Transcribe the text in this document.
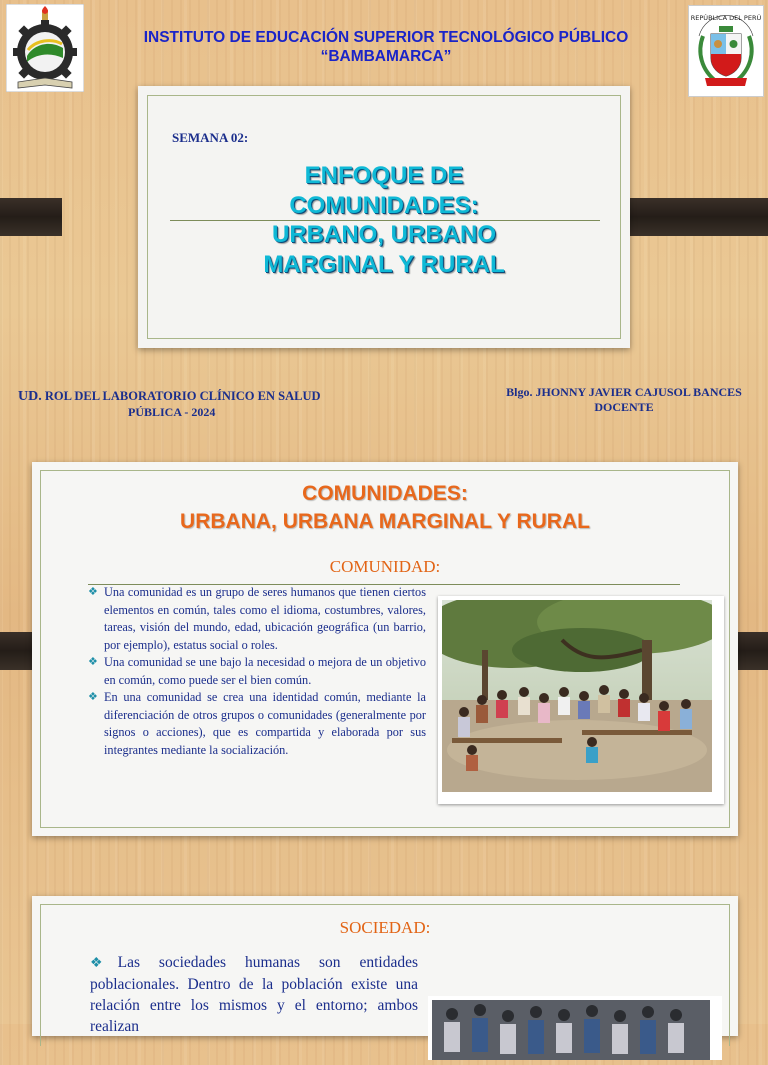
INSTITUTO DE EDUCACIÓN SUPERIOR TECNOLÓGICO PÚBLICO
“BAMBAMARCA”
REPÚBLICA DEL PERÚ
SEMANA 02:
ENFOQUE DE
COMUNIDADES:
URBANO, URBANO
MARGINAL Y RURAL
UD. ROL DEL LABORATORIO CLÍNICO EN SALUD
PÚBLICA - 2024
Blgo. JHONNY JAVIER CAJUSOL BANCES
DOCENTE
COMUNIDADES:
URBANA, URBANA MARGINAL Y RURAL
COMUNIDAD:

❖ Una comunidad es un grupo de seres humanos que tienen ciertos elementos en común, tales como el idioma, costumbres, valores, tareas, visión del mundo, edad, ubicación geográfica (un barrio, por ejemplo), estatus social o roles.

❖ Una comunidad se une bajo la necesidad o mejora de un objetivo en común, como puede ser el bien común.

❖ En una comunidad se crea una identidad común, mediante la diferenciación de otros grupos o comunidades (generalmente por signos o acciones), que es compartida y elaborada por sus integrantes mediante la socialización.

SOCIEDAD:
❖Las sociedades humanas son entidades poblacionales. Dentro de la población existe una relación entre los mismos y el entorno; ambos realizan
